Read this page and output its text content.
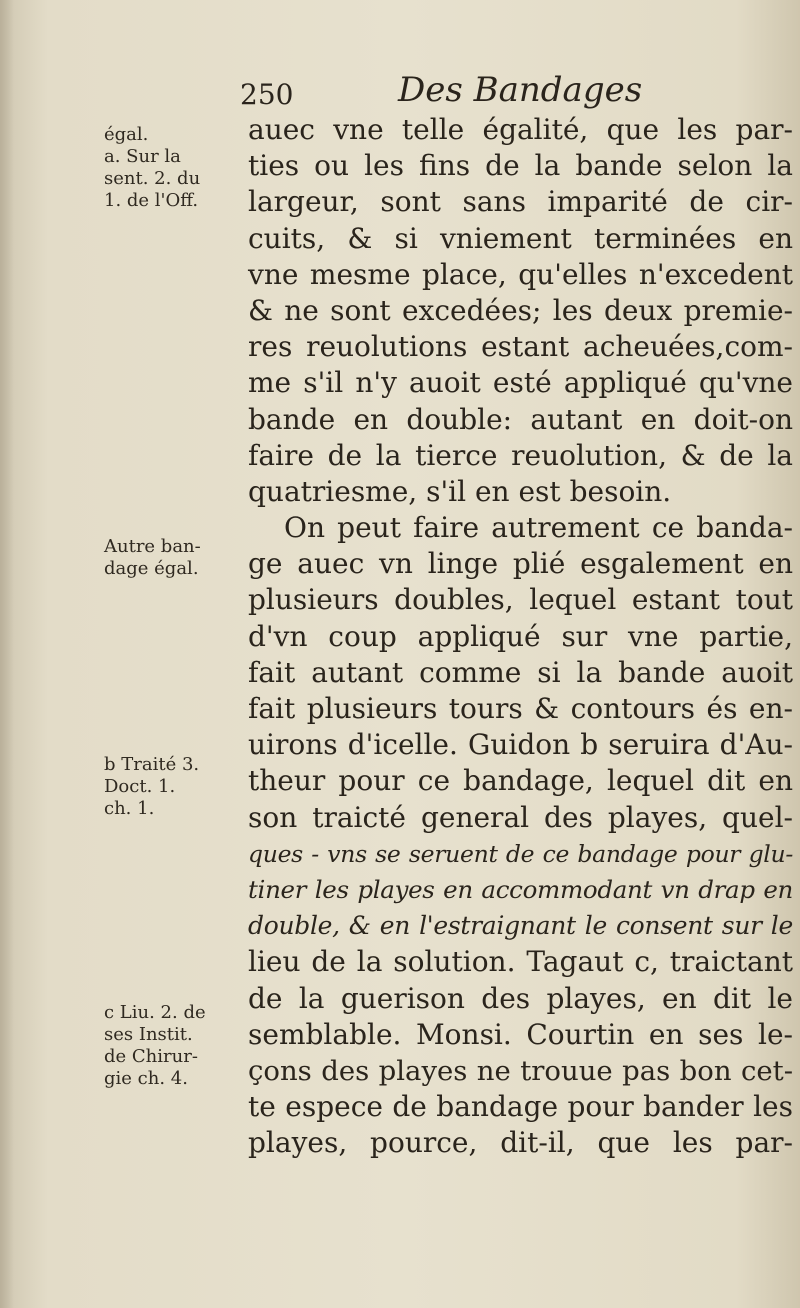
250	Des Bandages
égal.
a. Sur la
sent. 2. du
1. de l'Off.
Autre ban-
dage égal.
b Traité 3.
Doct. 1.
ch. 1.
c Liu. 2. de
ses Instit.
de Chirur-
gie ch. 4.
auec vne telle égalité, que les par-
ties ou les fins de la bande selon la
largeur, sont sans imparité de cir-
cuits, & si vniement terminées en
vne mesme place, qu'elles n'excedent
& ne sont excedées; les deux premie-
res reuolutions estant acheuées,com-
me s'il n'y auoit esté appliqué qu'vne
bande en double: autant en doit-on
faire de la tierce reuolution, & de la
quatriesme, s'il en est besoin.
On peut faire autrement ce banda-
ge auec vn linge plié esgalement en
plusieurs doubles, lequel estant tout
d'vn coup appliqué sur vne partie,
fait autant comme si la bande auoit
fait plusieurs tours & contours és en-
uirons d'icelle. Guidon b seruira d'Au-
theur pour ce bandage, lequel dit en
son traicté general des playes, quel-
ques - vns se seruent de ce bandage pour glu-
tiner les playes en accommodant vn drap en
double, & en l'estraignant le consent sur le
lieu de la solution. Tagaut c, traictant
de la guerison des playes, en dit le
semblable. Monsi. Courtin en ses le-
çons des playes ne trouue pas bon cet-
te espece de bandage pour bander les
playes, pource, dit-il, que les par-
